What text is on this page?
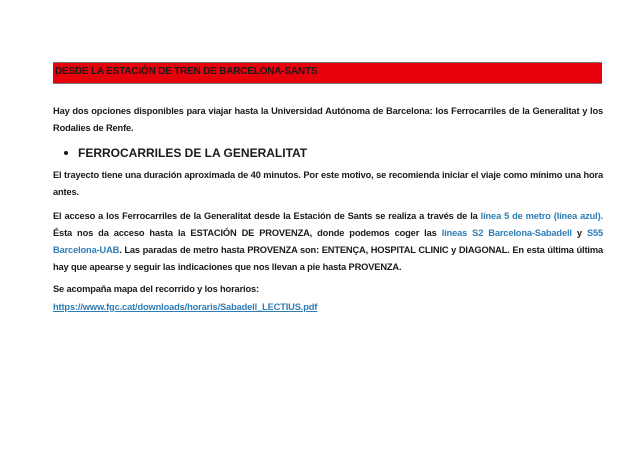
DESDE LA ESTACIÓN DE TREN DE BARCELONA-SANTS
Hay dos opciones disponibles para viajar hasta la Universidad Autónoma de Barcelona: los Ferrocarriles de la Generalitat y los Rodalies de Renfe.
FERROCARRILES DE LA GENERALITAT
El trayecto tiene una duración aproximada de 40 minutos. Por este motivo, se recomienda iniciar el viaje como mínimo una hora antes.
El acceso a los Ferrocarriles de la Generalitat desde la Estación de Sants se realiza a través de la línea 5 de metro (línea azul). Ésta nos da acceso hasta la ESTACIÓN DE PROVENZA, donde podemos coger las líneas S2 Barcelona-Sabadell y S55 Barcelona-UAB. Las paradas de metro hasta PROVENZA son: ENTENÇA, HOSPITAL CLINIC y DIAGONAL. En esta última última hay que apearse y seguir las indicaciones que nos llevan a pie hasta PROVENZA.
Se acompaña mapa del recorrido y los horarios:
https://www.fgc.cat/downloads/horaris/Sabadell_LECTIUS.pdf
